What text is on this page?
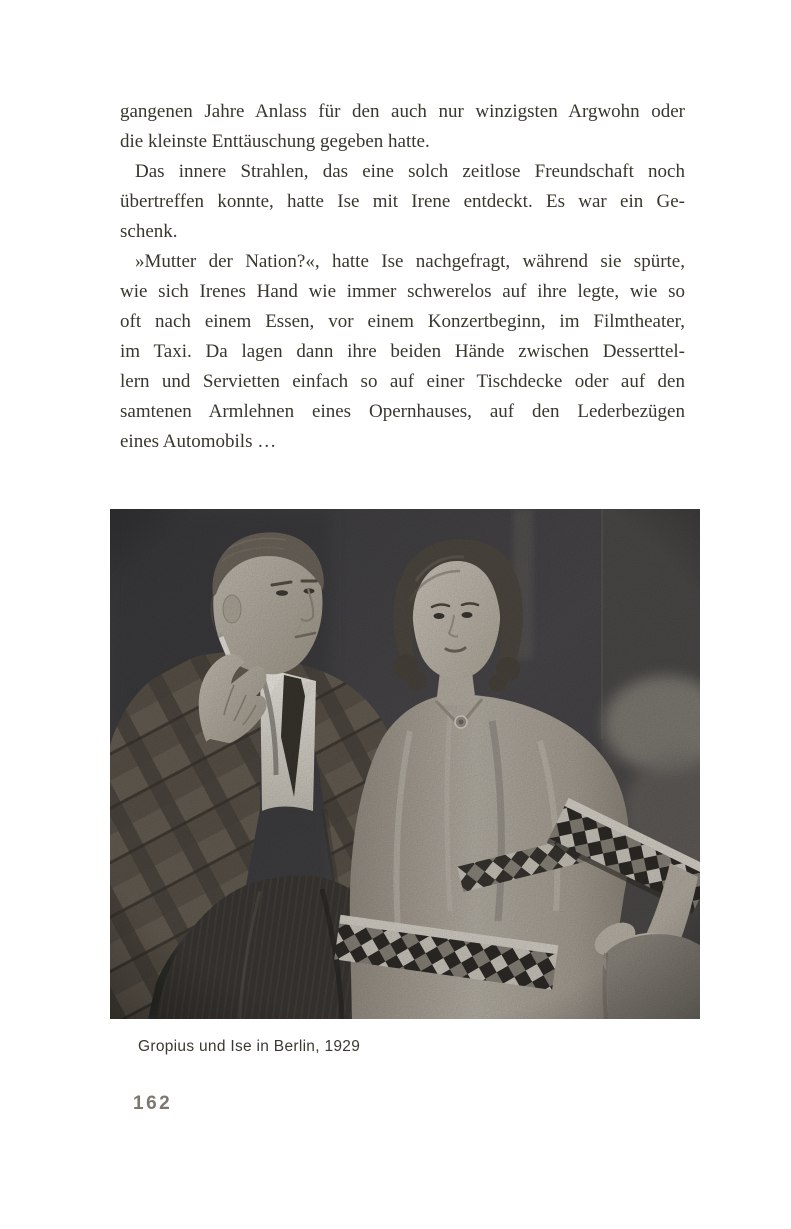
gangenen Jahre Anlass für den auch nur winzigsten Argwohn oder
die kleinste Enttäuschung gegeben hatte.

Das innere Strahlen, das eine solch zeitlose Freundschaft noch
übertreffen konnte, hatte Ise mit Irene entdeckt. Es war ein Ge-
schenk.

»Mutter der Nation?«, hatte Ise nachgefragt, während sie spürte,
wie sich Irenes Hand wie immer schwerelos auf ihre legte, wie so
oft nach einem Essen, vor einem Konzertbeginn, im Filmtheater,
im Taxi. Da lagen dann ihre beiden Hände zwischen Desserttel-
lern und Servietten einfach so auf einer Tischdecke oder auf den
samtenen Armlehnen eines Opernhauses, auf den Lederbezügen
eines Automobils …

Gropius und Ise in Berlin, 1929
162
